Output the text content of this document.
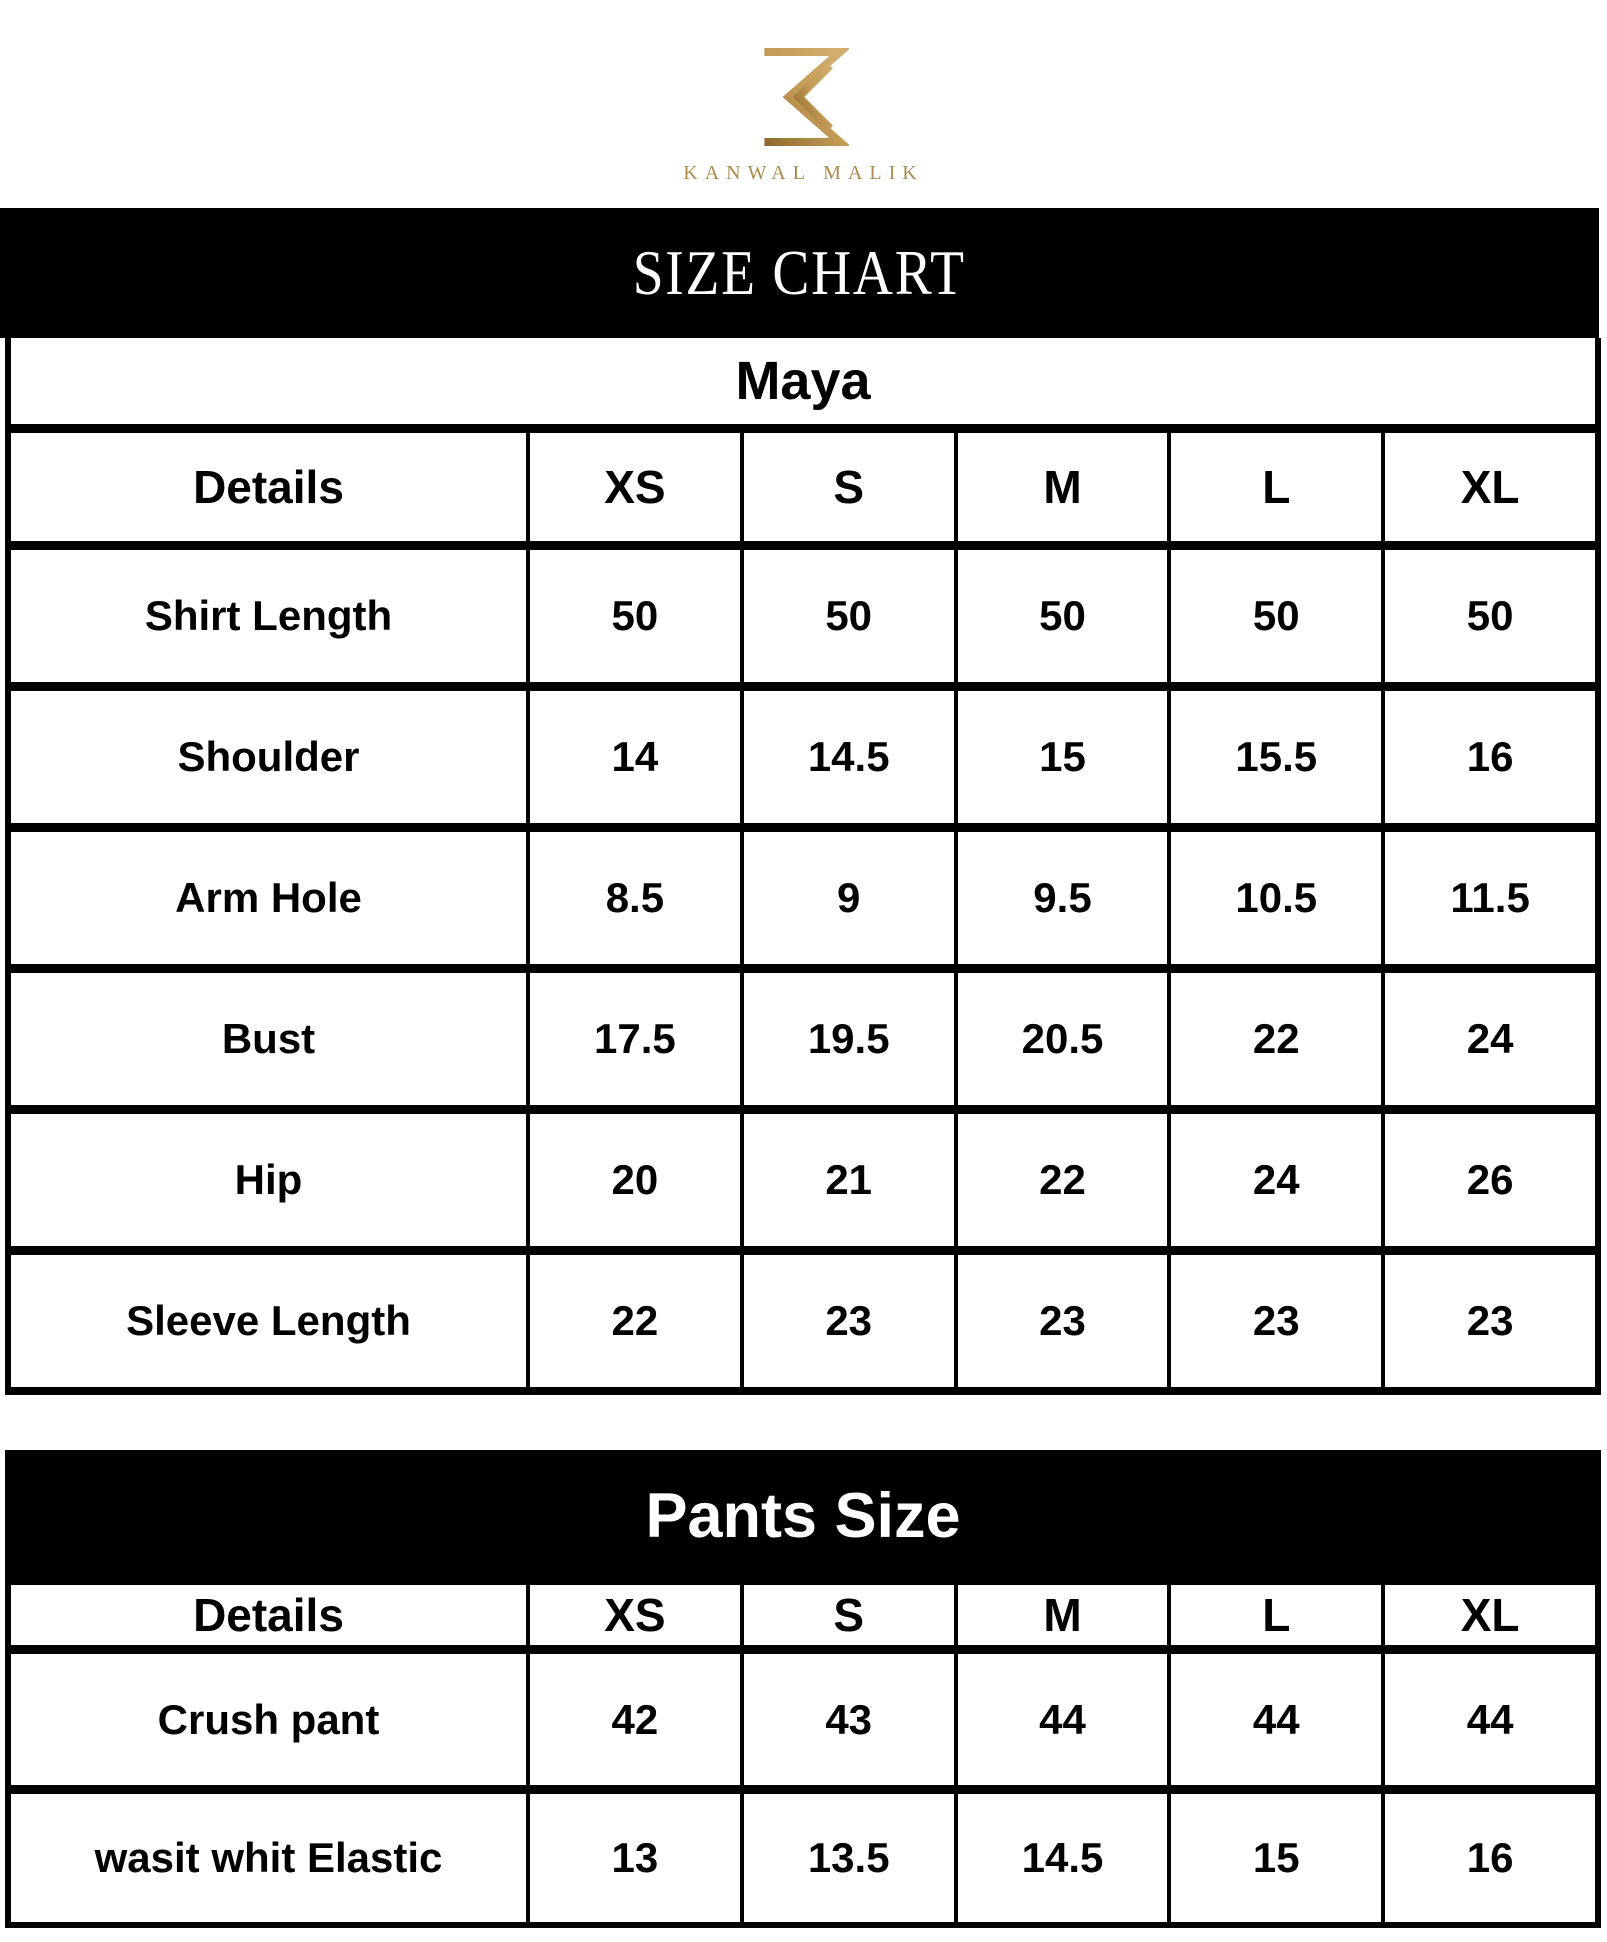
KANWAL MALIK
SIZE CHART
Maya
Details	XS	S	M	L	XL
Shirt Length	50	50	50	50	50
Shoulder	14	14.5	15	15.5	16
Arm Hole	8.5	9	9.5	10.5	11.5
Bust	17.5	19.5	20.5	22	24
Hip	20	21	22	24	26
Sleeve Length	22	23	23	23	23
Pants Size
Details	XS	S	M	L	XL
Crush pant	42	43	44	44	44
wasit whit Elastic	13	13.5	14.5	15	16
